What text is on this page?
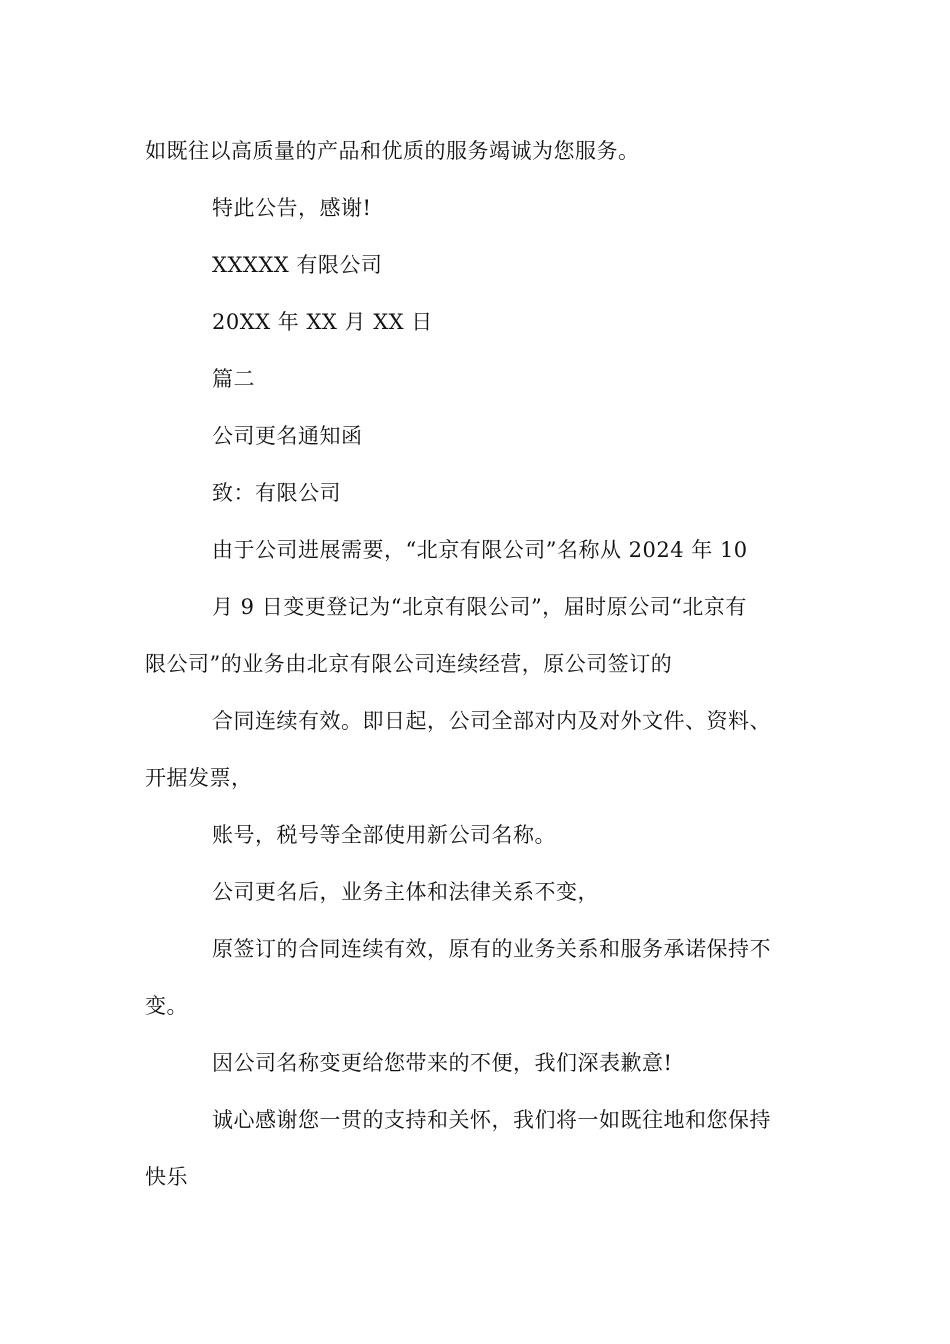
如既往以高质量的产品和优质的服务竭诚为您服务。
特此公告，感谢!
XXXXX 有限公司
20XX 年 XX 月 XX 日
篇二
公司更名通知函
致：有限公司
由于公司进展需要，“北京有限公司”名称从 2024 年 10
月 9 日变更登记为“北京有限公司”，届时原公司“北京有
限公司”的业务由北京有限公司连续经营，原公司签订的
合同连续有效。即日起，公司全部对内及对外文件、资料、
开据发票，
账号，税号等全部使用新公司名称。
公司更名后，业务主体和法律关系不变，
原签订的合同连续有效，原有的业务关系和服务承诺保持不
变。
因公司名称变更给您带来的不便，我们深表歉意!
诚心感谢您一贯的支持和关怀，我们将一如既往地和您保持
快乐
